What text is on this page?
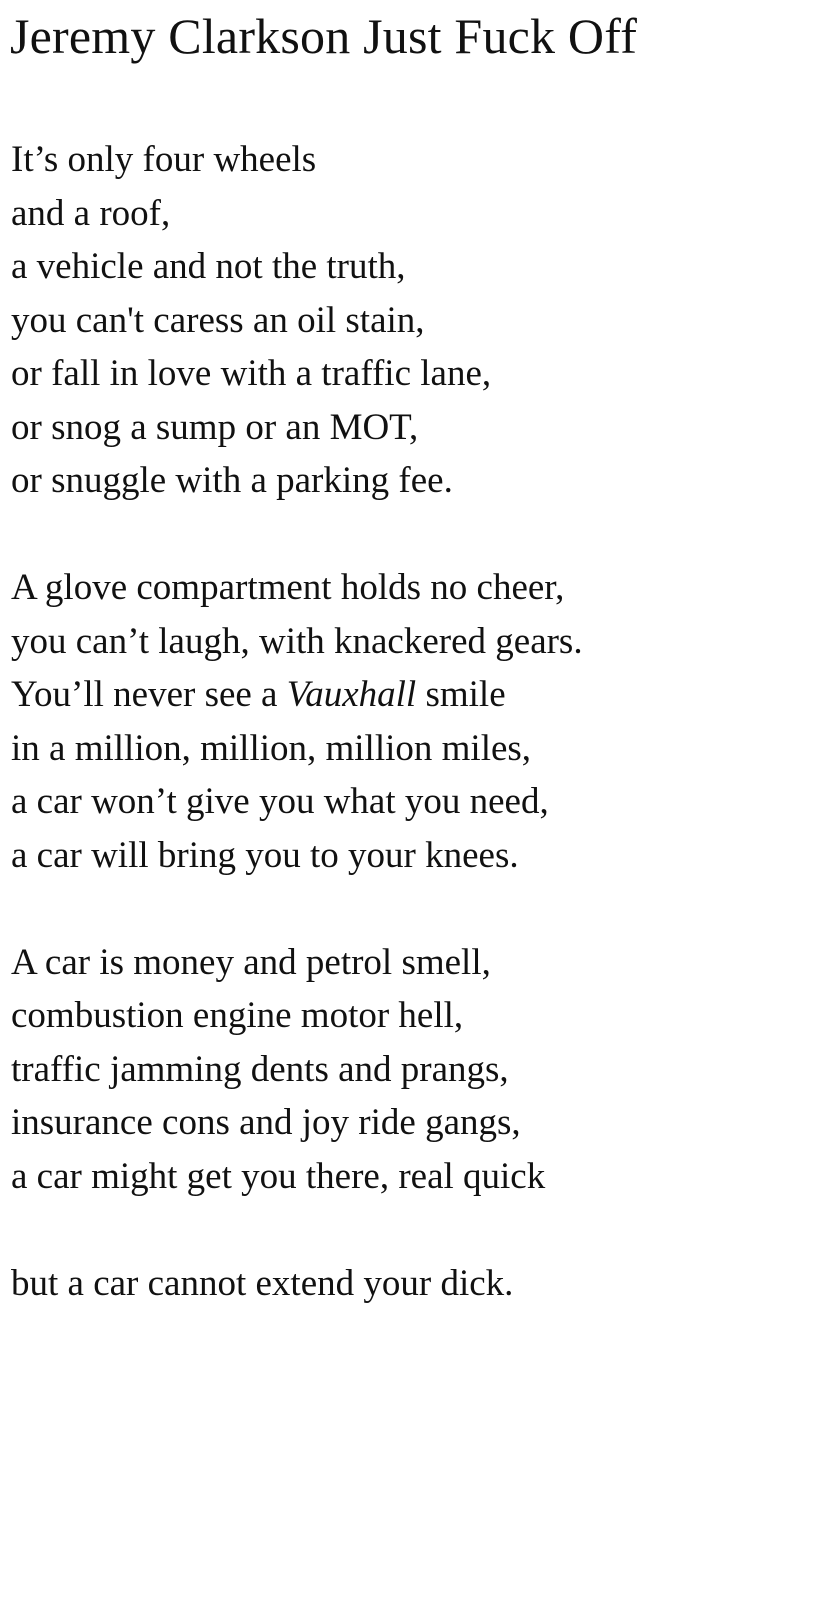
Jeremy Clarkson Just Fuck Off
It’s only four wheels
and a roof,
a vehicle and not the truth,
you can't caress an oil stain,
or fall in love with a traffic lane,
or snog a sump or an MOT,
or snuggle with a parking fee.
A glove compartment holds no cheer,
you can’t laugh, with knackered gears.
You’ll never see a Vauxhall smile
in a million, million, million miles,
a car won’t give you what you need,
a car will bring you to your knees.
A car is money and petrol smell,
combustion engine motor hell,
traffic jamming dents and prangs,
insurance cons and joy ride gangs,
a car might get you there, real quick
but a car cannot extend your dick.
